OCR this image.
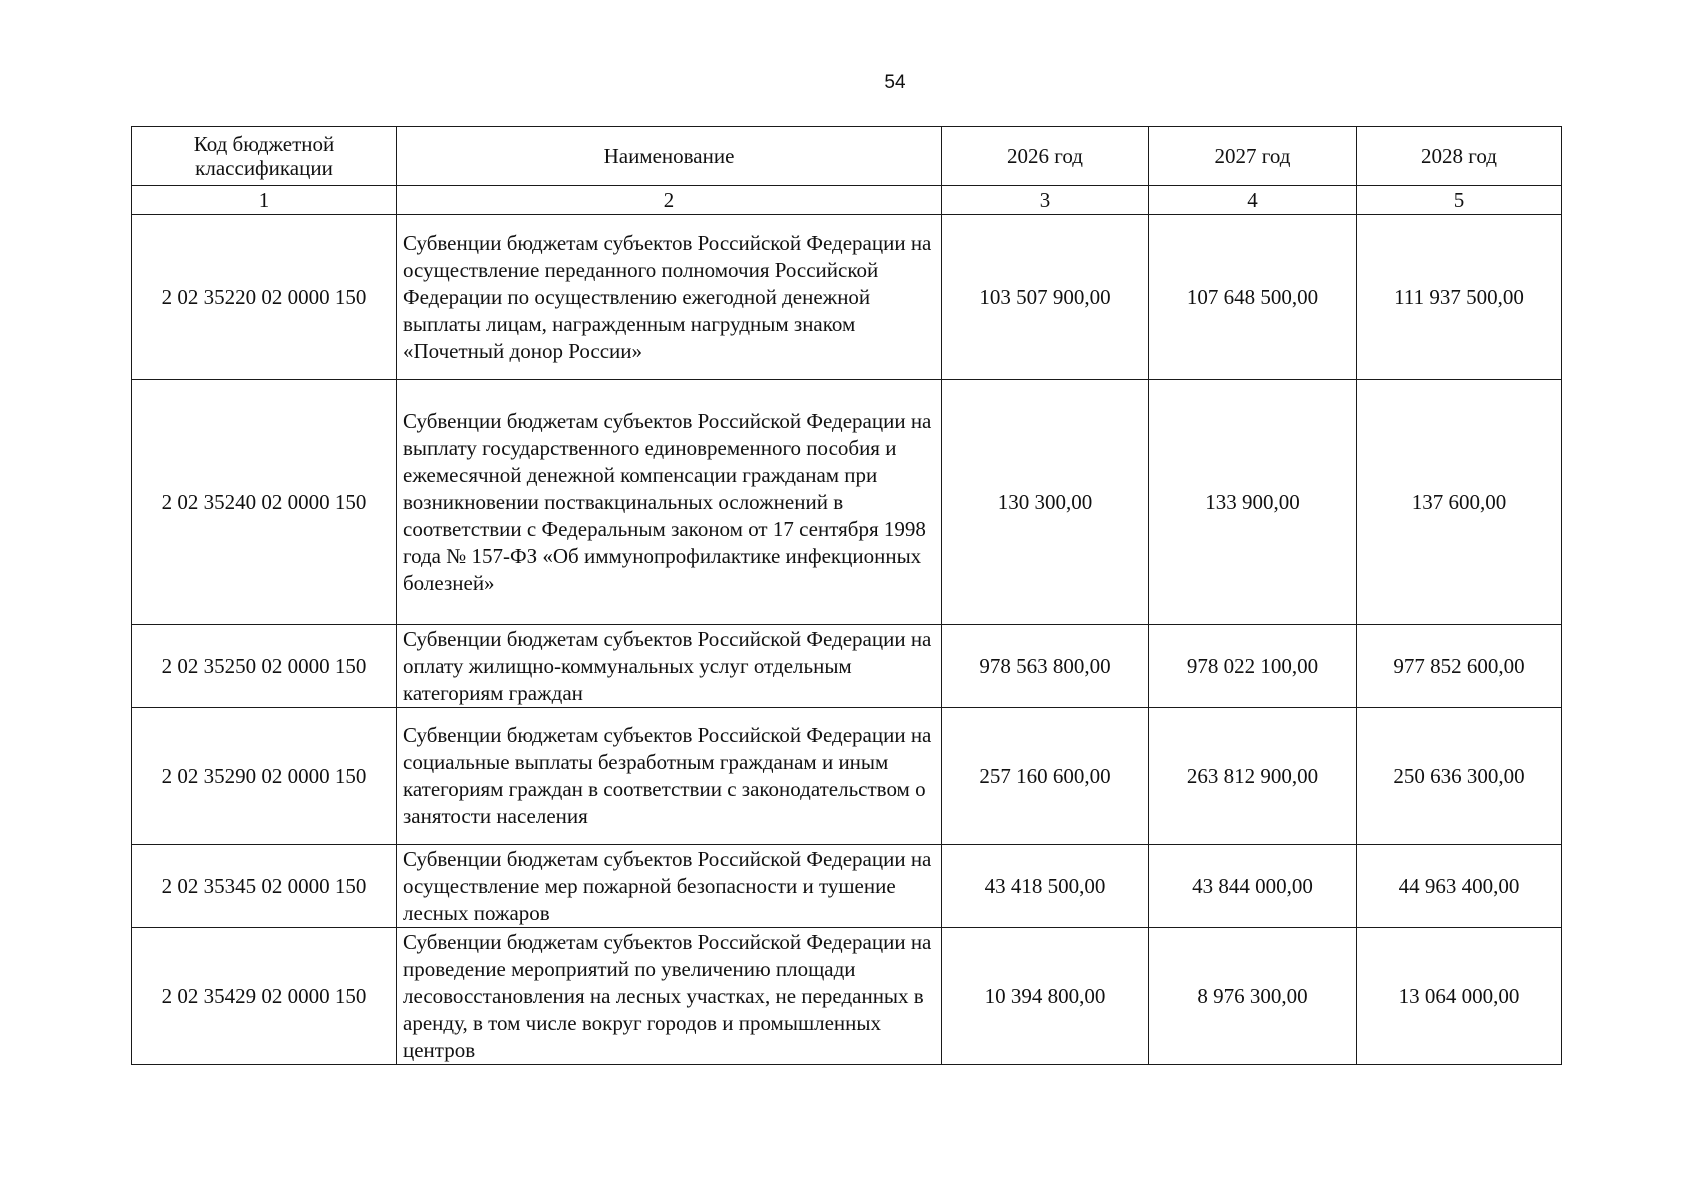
54
Код бюджетной классификации	Наименование	2026 год	2027 год	2028 год
1	2	3	4	5
2 02 35220 02 0000 150	Субвенции бюджетам субъектов Российской Федерации на осуществление переданного полномочия Российской Федерации по осуществлению ежегодной денежной выплаты лицам, награжденным нагрудным знаком «Почетный донор России»	103 507 900,00	107 648 500,00	111 937 500,00
2 02 35240 02 0000 150	Субвенции бюджетам субъектов Российской Федерации на выплату государственного единовременного пособия и ежемесячной денежной компенсации гражданам при возникновении поствакцинальных осложнений в соответствии с Федеральным законом от 17 сентября 1998 года № 157-ФЗ «Об иммунопрофилактике инфекционных болезней»	130 300,00	133 900,00	137 600,00
2 02 35250 02 0000 150	Субвенции бюджетам субъектов Российской Федерации на оплату жилищно-коммунальных услуг отдельным категориям граждан	978 563 800,00	978 022 100,00	977 852 600,00
2 02 35290 02 0000 150	Субвенции бюджетам субъектов Российской Федерации на социальные выплаты безработным гражданам и иным категориям граждан в соответствии с законодательством о занятости населения	257 160 600,00	263 812 900,00	250 636 300,00
2 02 35345 02 0000 150	Субвенции бюджетам субъектов Российской Федерации на осуществление мер пожарной безопасности и тушение лесных пожаров	43 418 500,00	43 844 000,00	44 963 400,00
2 02 35429 02 0000 150	Субвенции бюджетам субъектов Российской Федерации на проведение мероприятий по увеличению площади лесовосстановления на лесных участках, не переданных в аренду, в том числе вокруг городов и промышленных центров	10 394 800,00	8 976 300,00	13 064 000,00
